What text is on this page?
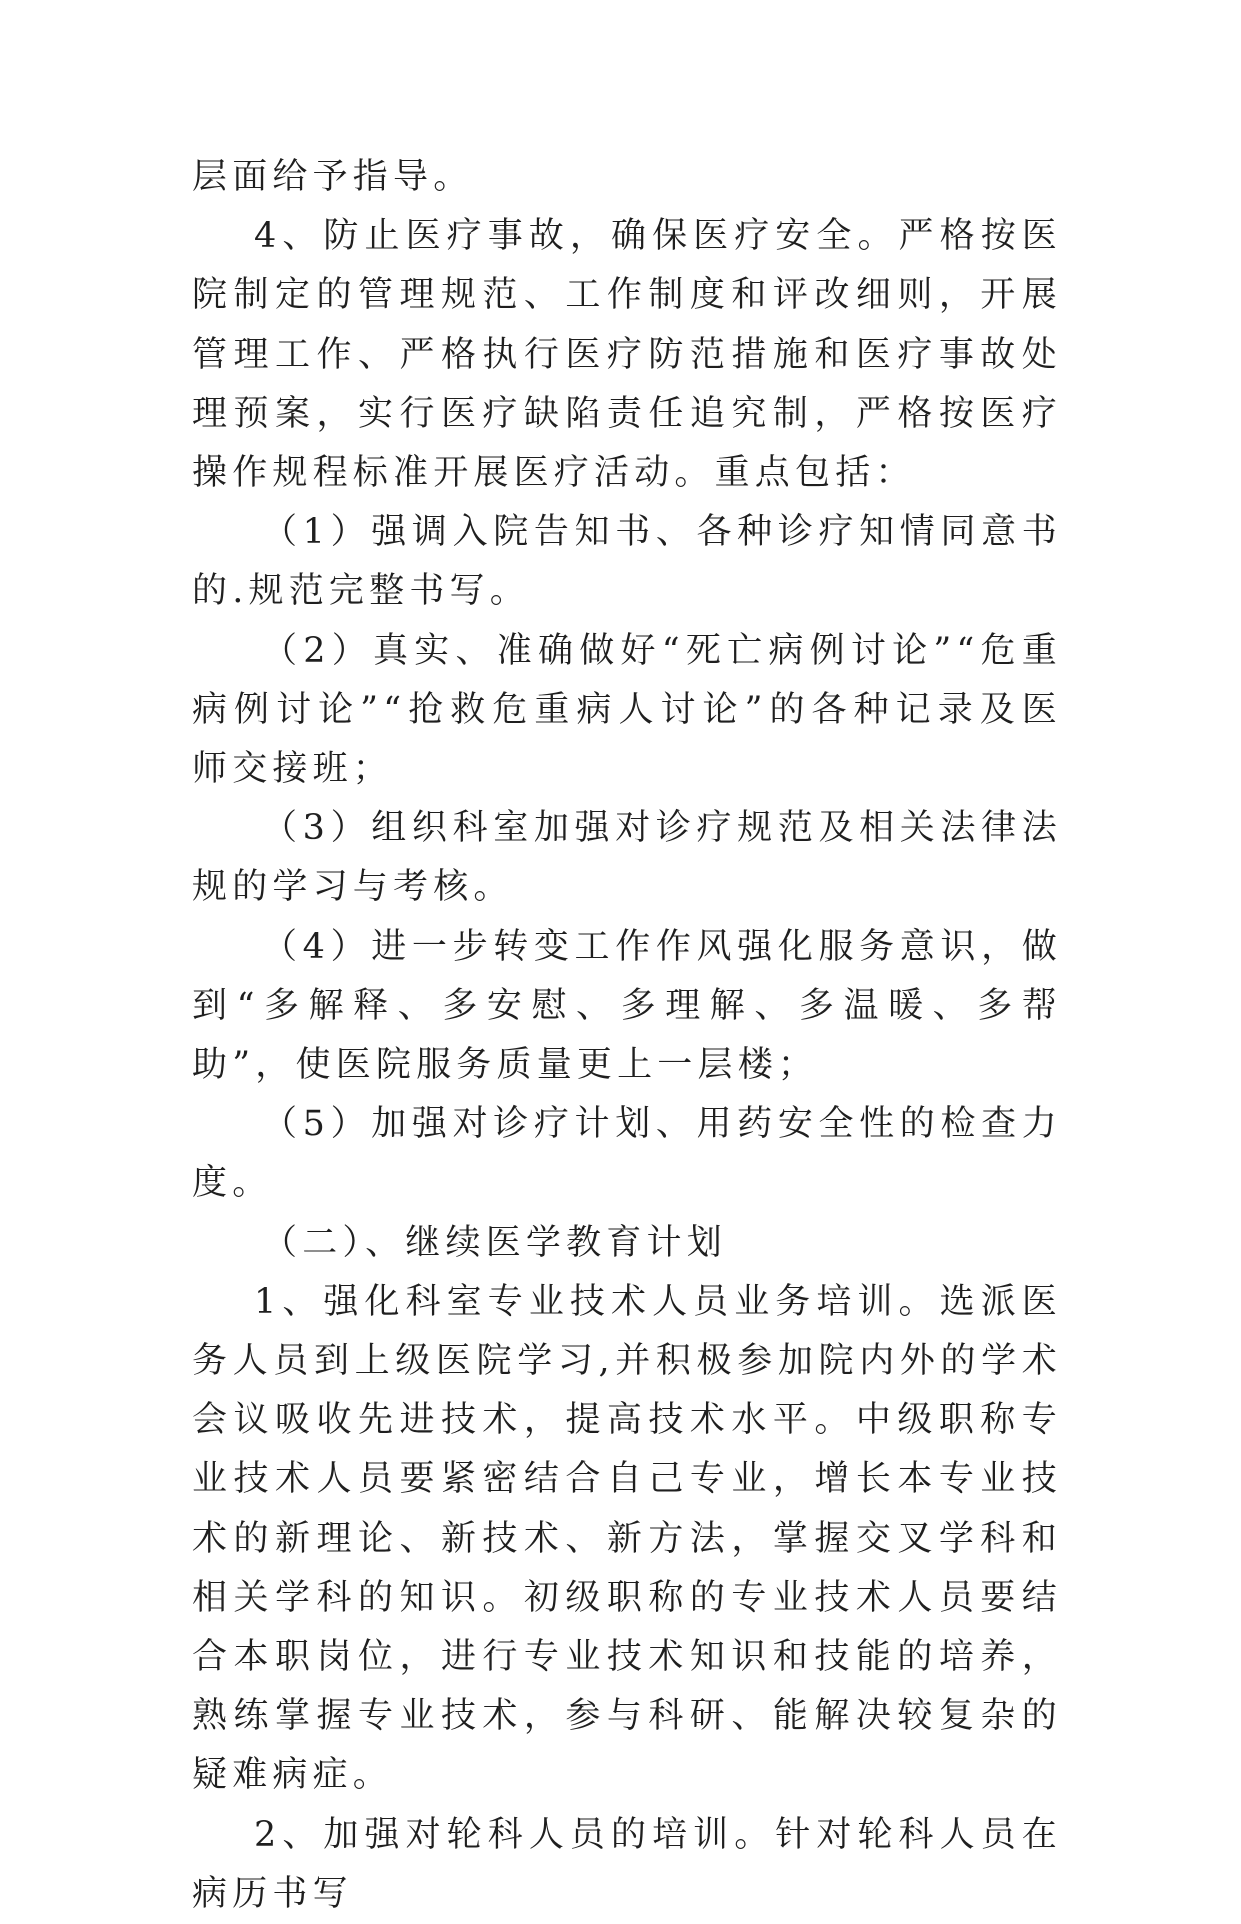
层面给予指导。

4、防止医疗事故，确保医疗安全。严格按医院制定的管理规范、工作制度和评改细则，开展管理工作、严格执行医疗防范措施和医疗事故处理预案，实行医疗缺陷责任追究制，严格按医疗操作规程标准开展医疗活动。重点包括：

（1）强调入院告知书、各种诊疗知情同意书的.规范完整书写。

（2）真实、准确做好“死亡病例讨论”“危重病例讨论”“抢救危重病人讨论”的各种记录及医师交接班；

（3）组织科室加强对诊疗规范及相关法律法规的学习与考核。

（4）进一步转变工作作风强化服务意识，做到“多解释、多安慰、多理解、多温暖、多帮助”，使医院服务质量更上一层楼；

（5）加强对诊疗计划、用药安全性的检查力度。

（二）、继续医学教育计划

1、强化科室专业技术人员业务培训。选派医务人员到上级医院学习,并积极参加院内外的学术会议吸收先进技术，提高技术水平。中级职称专业技术人员要紧密结合自己专业，增长本专业技术的新理论、新技术、新方法，掌握交叉学科和相关学科的知识。初级职称的专业技术人员要结合本职岗位，进行专业技术知识和技能的培养，熟练掌握专业技术，参与科研、能解决较复杂的疑难病症。

2、加强对轮科人员的培训。针对轮科人员在病历书写
